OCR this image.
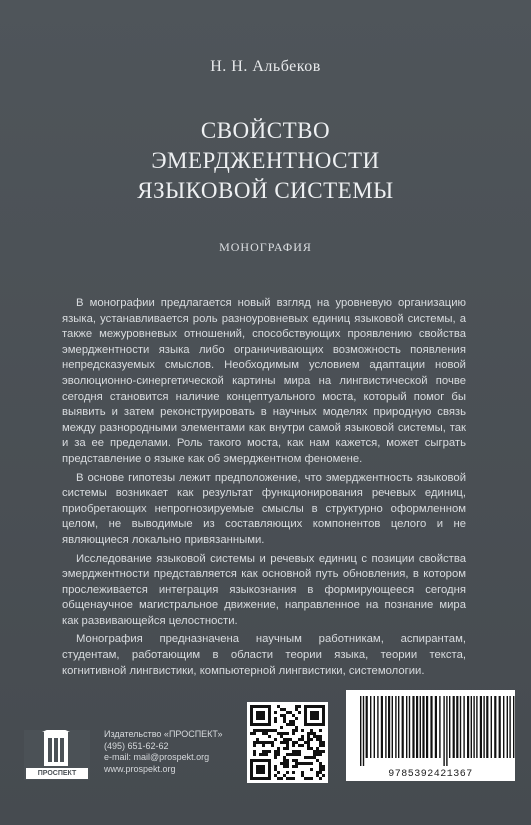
Н. Н. Альбеков
СВОЙСТВО
ЭМЕРДЖЕНТНОСТИ
ЯЗЫКОВОЙ СИСТЕМЫ
МОНОГРАФИЯ

В монографии предлагается новый взгляд на уровневую организацию языка, устанавливается роль разноуровневых единиц языковой системы, а также межуровневых отношений, способствующих проявлению свойства эмерджентности языка либо ограничивающих возможность появления непредсказуемых смыслов. Необходимым условием адаптации новой эволюционно-синергетической картины мира на лингвистической почве сегодня становится наличие концептуального моста, который помог бы выявить и затем реконструировать в научных моделях природную связь между разнородными элементами как внутри самой языковой системы, так и за ее пределами. Роль такого моста, как нам кажется, может сыграть представление о языке как об эмерджентном феномене.

В основе гипотезы лежит предположение, что эмерджентность языковой системы возникает как результат функционирования речевых единиц, приобретающих непрогнозируемые смыслы в структурно оформленном целом, не выводимые из составляющих компонентов целого и не являющиеся локально привязанными.

Исследование языковой системы и речевых единиц с позиции свойства эмерджентности представляется как основной путь обновления, в котором прослеживается интеграция языкознания в формирующееся сегодня общенаучное магистральное движение, направленное на познание мира как развивающейся целостности.

Монография предназначена научным работникам, аспирантам, студентам, работающим в области теории языка, теории текста, когнитивной лингвистики, компьютерной лингвистики, системологии.

ПРОСПЕКТ
Издательство «ПРОСПЕКТ»
(495) 651-62-62
e-mail: mail@prospekt.org
www.prospekt.org
9785392421367
